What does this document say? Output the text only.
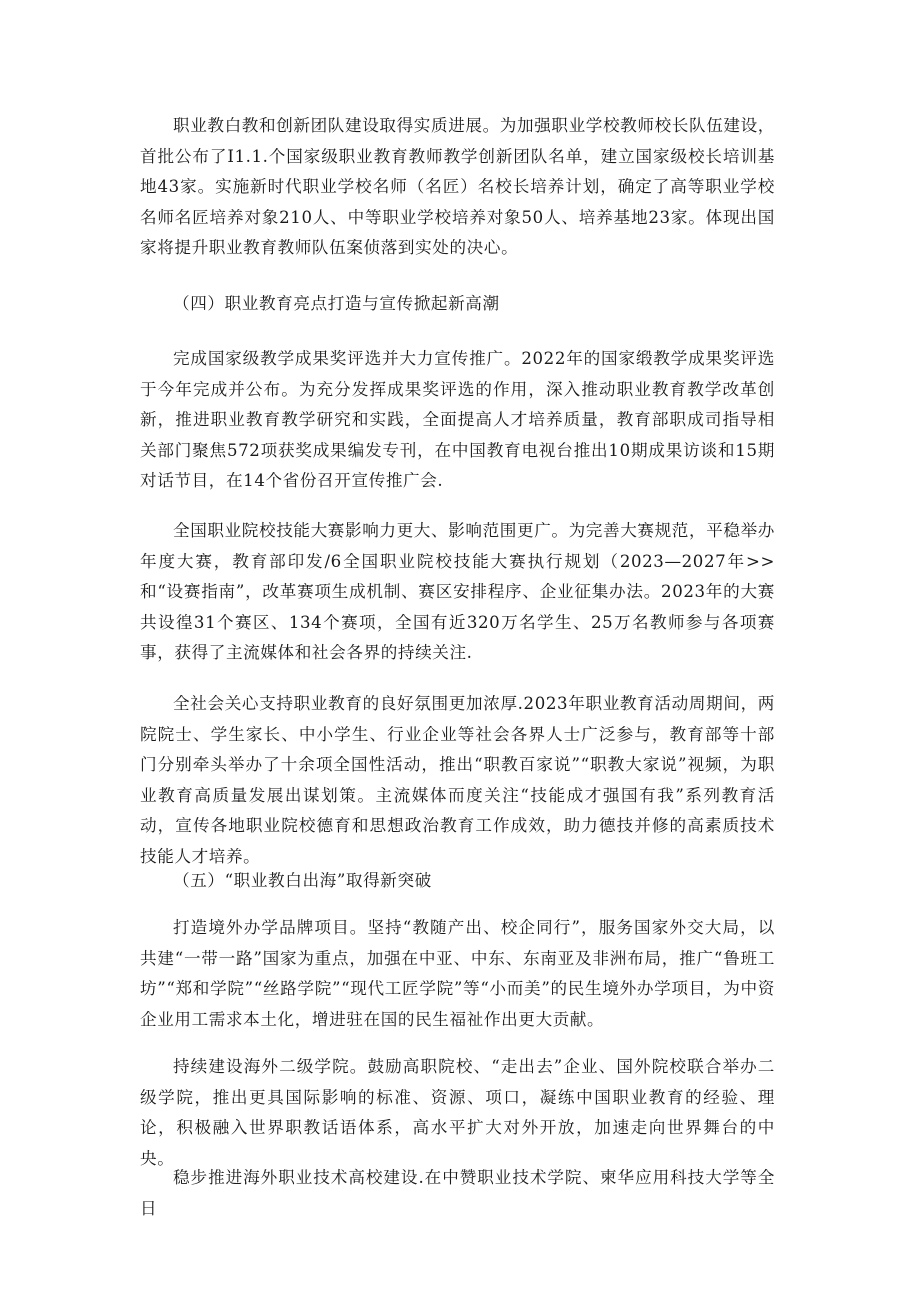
职业教白教和创新团队建设取得实质进展。为加强职业学校教师校长队伍建设，首批公布了I1.1.个国家级职业教育教师教学创新团队名单，建立国家级校长培训基地43家。实施新时代职业学校名师（名匠）名校长培养计划，确定了高等职业学校名师名匠培养对象210人、中等职业学校培养对象50人、培养基地23家。体现出国家将提升职业教育教师队伍案侦落到实处的决心。

（四）职业教育亮点打造与宣传掀起新高潮

完成国家级教学成果奖评选并大力宣传推广。2022年的国家缎教学成果奖评选于今年完成并公布。为充分发挥成果奖评选的作用，深入推动职业教育教学改革创新，推进职业教育教学研究和实践，全面提高人才培养质量，教育部职成司指导相关部门聚焦572项获奖成果编发专刊，在中国教育电视台推出10期成果访谈和15期对话节目，在14个省份召开宣传推广会.

全国职业院校技能大赛影响力更大、影响范围更广。为完善大赛规范，平稳举办年度大赛，教育部印发/6全国职业院校技能大赛执行规划（2023—2027年>>和“设赛指南”，改革赛项生成机制、赛区安排程序、企业征集办法。2023年的大赛共设徨31个赛区、134个赛项，全国有近320万名学生、25万名教师参与各项赛事，获得了主流媒体和社会各界的持续关注.

全社会关心支持职业教育的良好氛围更加浓厚.2023年职业教育活动周期间，两院院士、学生家长、中小学生、行业企业等社会各界人士广泛参与，教育部等十部门分别牵头举办了十余项全国性活动，推出“职教百家说”“职教大家说”视频，为职业教育高质量发展出谋划策。主流媒体而度关注“技能成才强国有我”系列教育活动，宣传各地职业院校德育和思想政治教育工作成效，助力德技并修的高素质技术技能人才培养。

（五）“职业教白出海”取得新突破

打造境外办学品牌项目。坚持“教随产出、校企同行”，服务国家外交大局，以共建“一带一路”国家为重点，加强在中亚、中东、东南亚及非洲布局，推广“鲁班工坊”“郑和学院”“丝路学院”“现代工匠学院”等“小而美”的民生境外办学项目，为中资企业用工需求本土化，增进驻在国的民生福祉作出更大贡献。

持续建设海外二级学院。鼓励高职院校、“走出去”企业、国外院校联合举办二级学院，推出更具国际影响的标准、资源、项口，凝练中国职业教育的经验、理论，积极融入世界职教话语体系，高水平扩大对外开放，加速走向世界舞台的中央。

稳步推进海外职业技术高校建设.在中赞职业技术学院、柬华应用科技大学等全日
